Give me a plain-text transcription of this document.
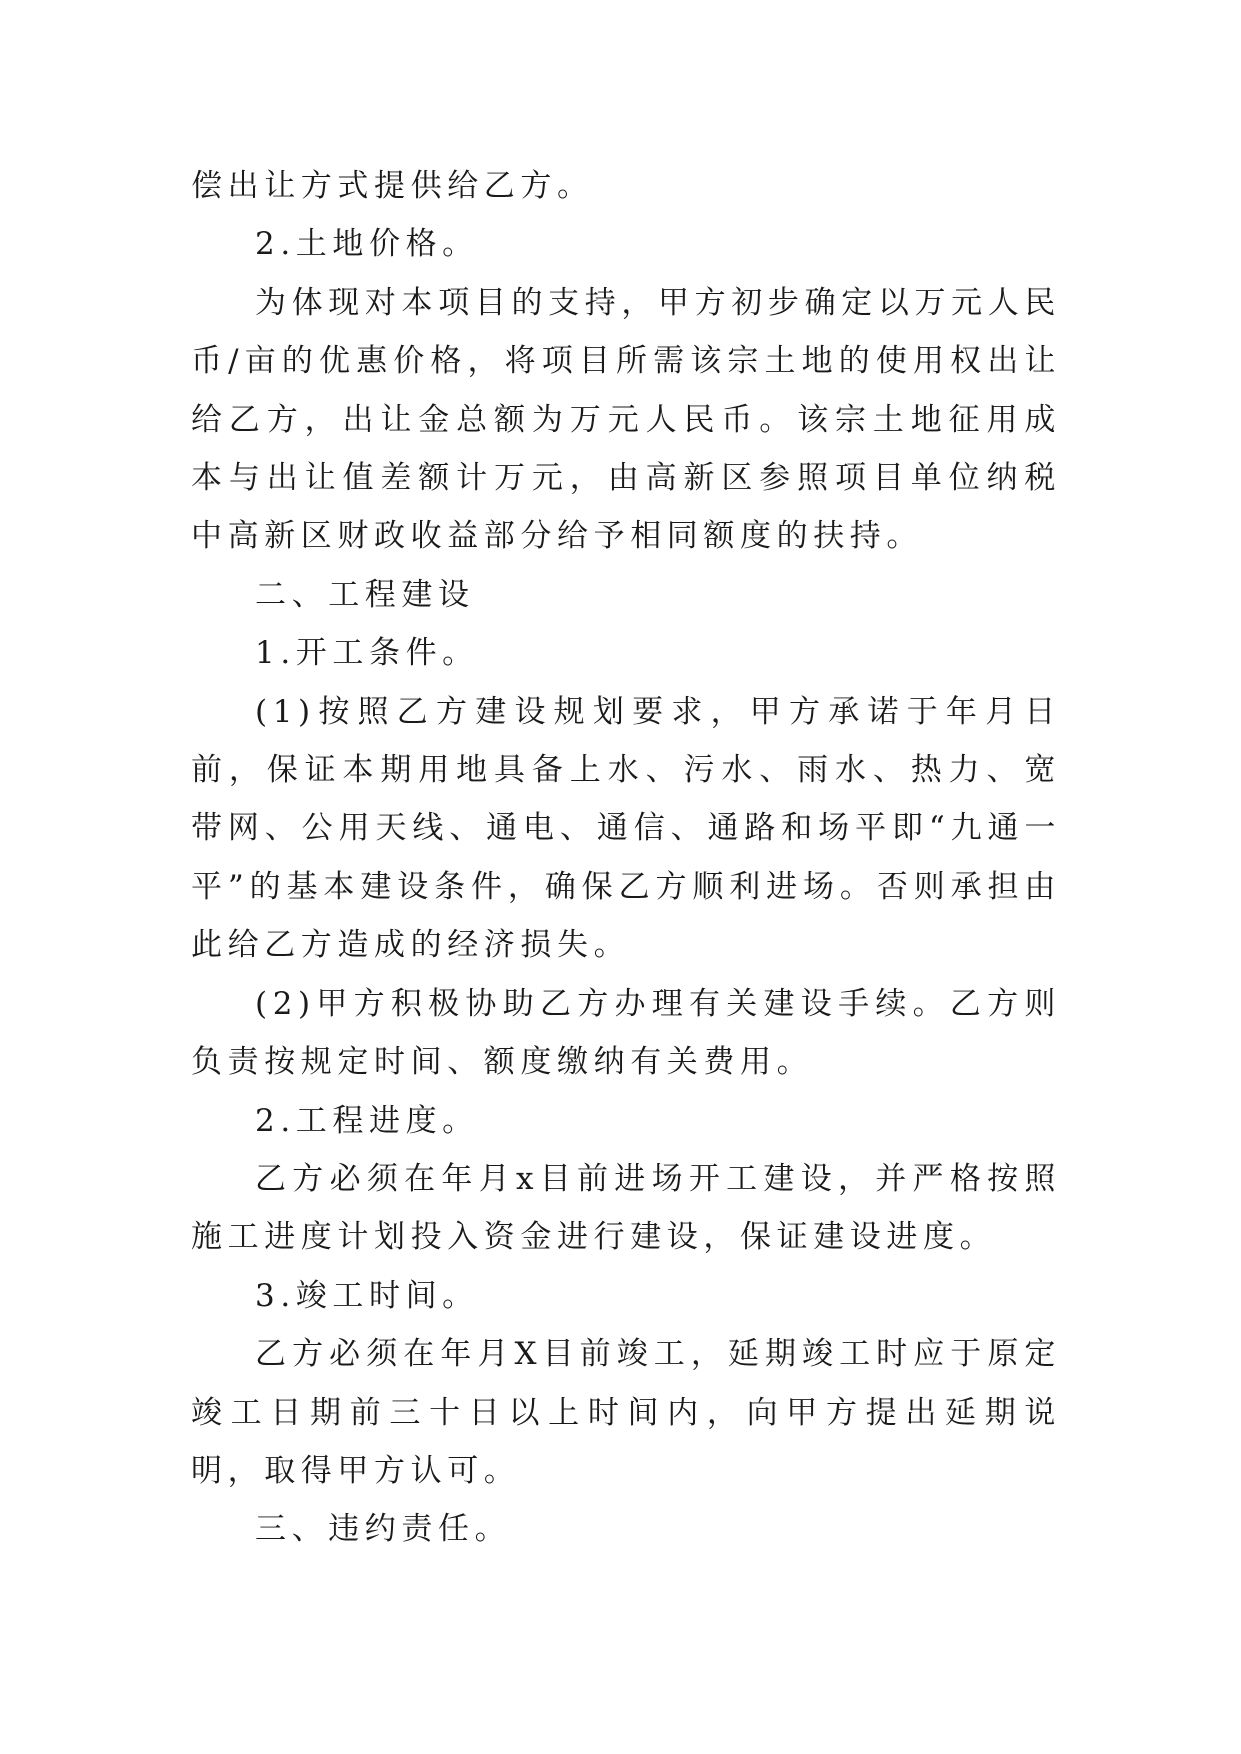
偿出让方式提供给乙方。

2.土地价格。

为体现对本项目的支持，甲方初步确定以万元人民币/亩的优惠价格，将项目所需该宗土地的使用权出让给乙方，出让金总额为万元人民币。该宗土地征用成本与出让值差额计万元，由高新区参照项目单位纳税中高新区财政收益部分给予相同额度的扶持。

二、工程建设

1.开工条件。

(1)按照乙方建设规划要求，甲方承诺于年月日前，保证本期用地具备上水、污水、雨水、热力、宽带网、公用天线、通电、通信、通路和场平即“九通一平”的基本建设条件，确保乙方顺利进场。否则承担由此给乙方造成的经济损失。

(2)甲方积极协助乙方办理有关建设手续。乙方则负责按规定时间、额度缴纳有关费用。

2.工程进度。

乙方必须在年月x目前进场开工建设，并严格按照施工进度计划投入资金进行建设，保证建设进度。

3.竣工时间。

乙方必须在年月X目前竣工，延期竣工时应于原定竣工日期前三十日以上时间内，向甲方提出延期说明，取得甲方认可。

三、违约责任。
